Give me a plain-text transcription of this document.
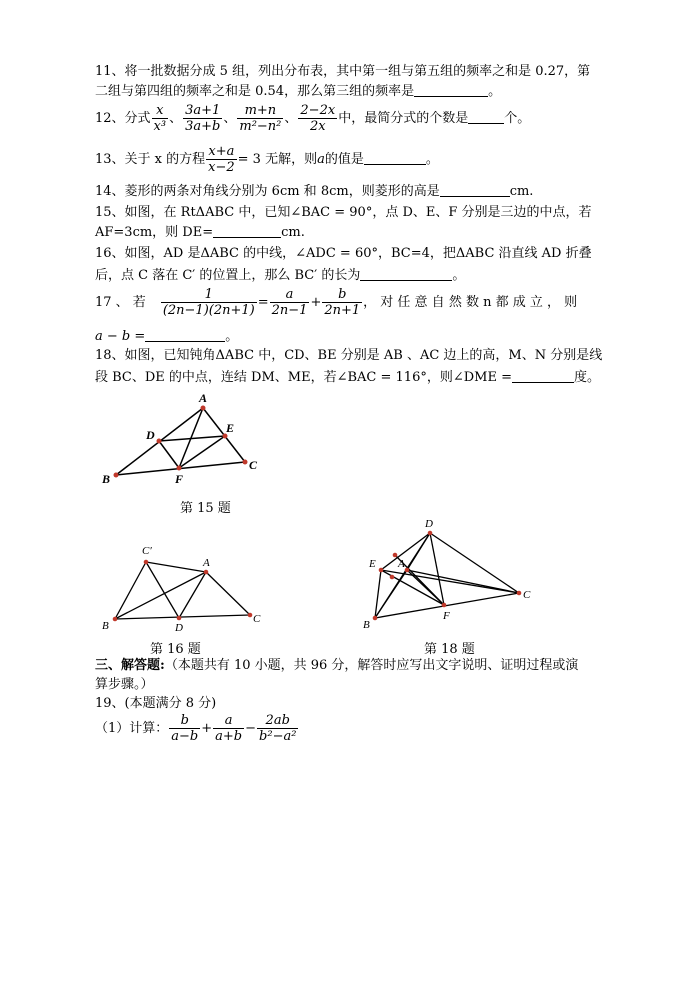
11、将一批数据分成 5 组，列出分布表，其中第一组与第五组的频率之和是 0.27，第
二组与第四组的频率之和是 0.54，那么第三组的频率是	。
12、分式 $\frac{x}{\text{x³}}$ 、 $\frac{3a+1}{3a+b}$ 、 $\frac{m+n}{\text{m²−n²}}$ 、 $\frac{2-2x}{2x}$ 中，最简分式的个数是	个。
13、关于 x 的方程 $\frac{x+a}{x-2} = 3$ 无解，则a的值是	。
14、菱形的两条对角线分别为 6cm 和 8cm，则菱形的高是	cm.
15、如图，在 RtΔABC 中，已知∠BAC = 90°，点 D、E、F 分别是三边的中点，若
AF=3cm，则 DE=	cm.
16、如图，AD 是ΔABC 的中线，∠ADC = 60°，BC=4，把ΔABC 沿直线 AD 折叠
后，点 C 落在 C′ 的位置上，那么 BC′ 的长为	。
17 、 若 $\frac{1}{(2n-1)(2n+1)} = \frac{a}{2n-1} + \frac{b}{2n+1}$ ， 对 任 意 自 然 数 n 都 成 立 ， 则
a − b =	。
18、如图，已知钝角ΔABC 中，CD、BE 分别是 AB 、AC 边上的高，M、N 分别是线
段 BC、DE 的中点，连结 DM、ME，若∠BAC = 116°，则∠DME =	度。
A
D	E
B	F
C
第 15 题
C′
A
B	D
C
第 16 题
D
E A
F
C
B
第 18 题
三、解答题:（本题共有 10 小题，共 96 分，解答时应写出文字说明、证明过程或演
算步骤。）
19、(本题满分 8 分)
（1）计算： $\frac{b}{a-b} + \frac{a}{a+b} - \frac{2ab}{\text{b²−a²}}$
